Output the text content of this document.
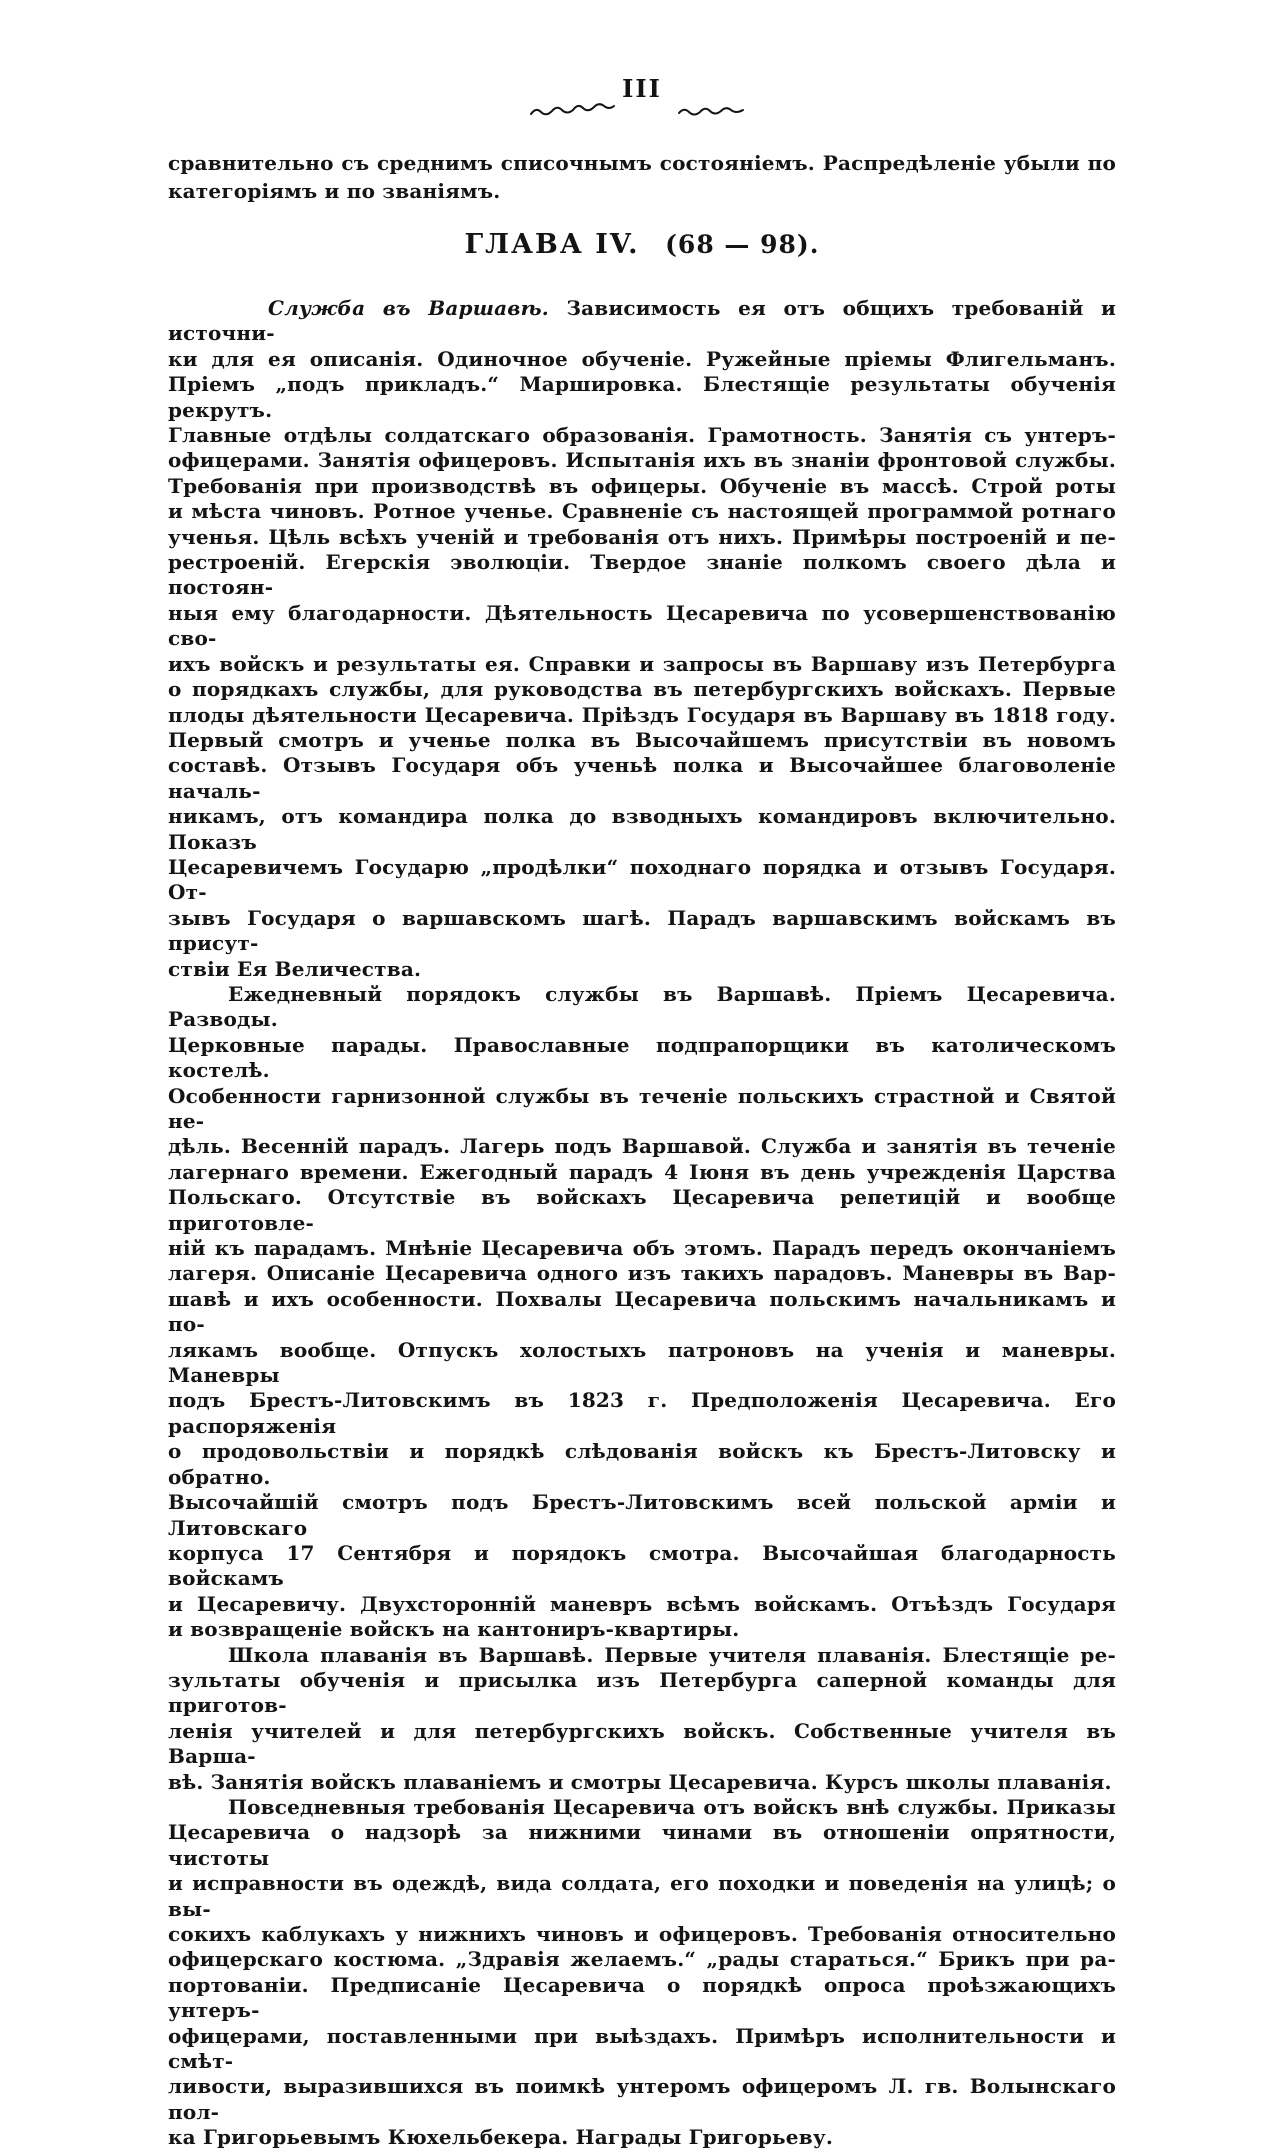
III
сравнительно съ среднимъ списочнымъ состояніемъ. Распредѣленіе убыли по
категоріямъ и по званіямъ.
ГЛАВА IV. (68 — 98).
Служба въ Варшавѣ. Зависимость ея отъ общихъ требованій и источни-
ки для ея описанія. Одиночное обученіе. Ружейные пріемы Флигельманъ.
Пріемъ „подъ прикладъ.“ Маршировка. Блестящіе результаты обученія рекрутъ.
Главные отдѣлы солдатскаго образованія. Грамотность. Занятія съ унтеръ-
офицерами. Занятія офицеровъ. Испытанія ихъ въ знаніи фронтовой службы.
Требованія при производствѣ въ офицеры. Обученіе въ массѣ. Строй роты
и мѣста чиновъ. Ротное ученье. Сравненіе съ настоящей программой ротнаго
ученья. Цѣль всѣхъ ученій и требованія отъ нихъ. Примѣры построеній и пе-
рестроеній. Егерскія эволюціи. Твердое знаніе полкомъ своего дѣла и постоян-
ныя ему благодарности. Дѣятельность Цесаревича по усовершенствованію сво-
ихъ войскъ и результаты ея. Справки и запросы въ Варшаву изъ Петербурга
о порядкахъ службы, для руководства въ петербургскихъ войскахъ. Первые
плоды дѣятельности Цесаревича. Пріѣздъ Государя въ Варшаву въ 1818 году.
Первый смотръ и ученье полка въ Высочайшемъ присутствіи въ новомъ
составѣ. Отзывъ Государя объ ученьѣ полка и Высочайшее благоволеніе началь-
никамъ, отъ командира полка до взводныхъ командировъ включительно. Показъ
Цесаревичемъ Государю „продѣлки“ походнаго порядка и отзывъ Государя. От-
зывъ Государя о варшавскомъ шагѣ. Парадъ варшавскимъ войскамъ въ присут-
ствіи Ея Величества.
Ежедневный порядокъ службы въ Варшавѣ. Пріемъ Цесаревича. Разводы.
Церковные парады. Православные подпрапорщики въ католическомъ костелѣ.
Особенности гарнизонной службы въ теченіе польскихъ страстной и Святой не-
дѣль. Весенній парадъ. Лагерь подъ Варшавой. Служба и занятія въ теченіе
лагернаго времени. Ежегодный парадъ 4 Іюня въ день учрежденія Царства
Польскаго. Отсутствіе въ войскахъ Цесаревича репетицій и вообще приготовле-
ній къ парадамъ. Мнѣніе Цесаревича объ этомъ. Парадъ передъ окончаніемъ
лагеря. Описаніе Цесаревича одного изъ такихъ парадовъ. Маневры въ Вар-
шавѣ и ихъ особенности. Похвалы Цесаревича польскимъ начальникамъ и по-
лякамъ вообще. Отпускъ холостыхъ патроновъ на ученія и маневры. Маневры
подъ Брестъ-Литовскимъ въ 1823 г. Предположенія Цесаревича. Его распоряженія
о продовольствіи и порядкѣ слѣдованія войскъ къ Брестъ-Литовску и обратно.
Высочайшій смотръ подъ Брестъ-Литовскимъ всей польской арміи и Литовскаго
корпуса 17 Сентября и порядокъ смотра. Высочайшая благодарность войскамъ
и Цесаревичу. Двухсторонній маневръ всѣмъ войскамъ. Отъѣздъ Государя
и возвращеніе войскъ на кантониръ-квартиры.
Школа плаванія въ Варшавѣ. Первые учителя плаванія. Блестящіе ре-
зультаты обученія и присылка изъ Петербурга саперной команды для приготов-
ленія учителей и для петербургскихъ войскъ. Собственные учителя въ Варша-
вѣ. Занятія войскъ плаваніемъ и смотры Цесаревича. Курсъ школы плаванія.
Повседневныя требованія Цесаревича отъ войскъ внѣ службы. Приказы
Цесаревича о надзорѣ за нижними чинами въ отношеніи опрятности, чистоты
и исправности въ одеждѣ, вида солдата, его походки и поведенія на улицѣ; о вы-
сокихъ каблукахъ у нижнихъ чиновъ и офицеровъ. Требованія относительно
офицерскаго костюма. „Здравія желаемъ.“ „рады стараться.“ Брикъ при ра-
портованіи. Предписаніе Цесаревича о порядкѣ опроса проѣзжающихъ унтеръ-
офицерами, поставленными при выѣздахъ. Примѣръ исполнительности и смѣт-
ливости, выразившихся въ поимкѣ унтеромъ офицеромъ Л. гв. Волынскаго пол-
ка Григорьевымъ Кюхельбекера. Награды Григорьеву.
